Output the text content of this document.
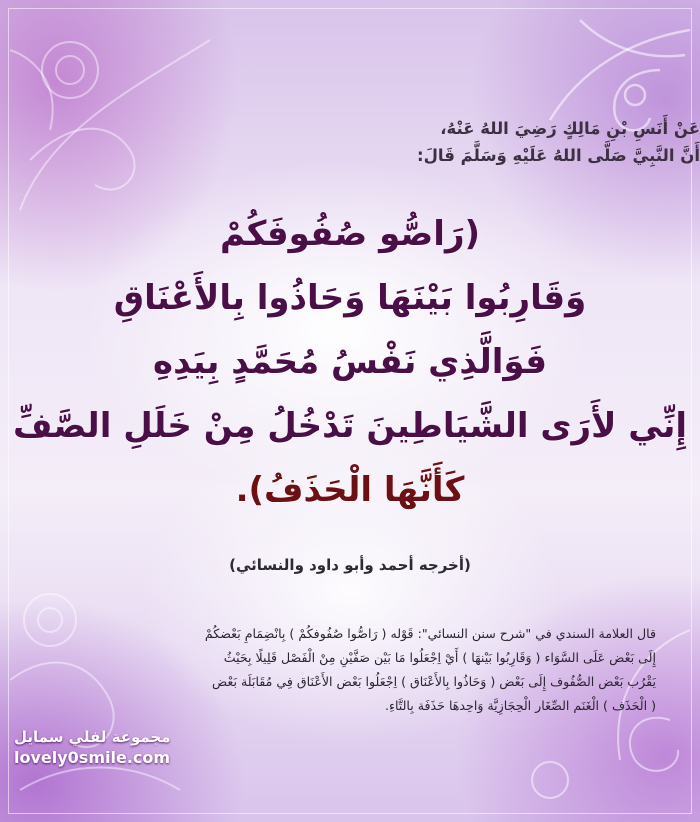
عَنْ أَنَسِ بْنِ مَالِكٍ رَضِيَ اللهُ عَنْهُ،
أَنَّ النَّبِيَّ صَلَّى اللهُ عَلَيْهِ وَسَلَّمَ قَالَ:
(رَاصُّو صُفُوفَكُمْ
وَقَارِبُوا بَيْنَهَا وَحَاذُوا بِالأَعْنَاقِ
فَوَالَّذِي نَفْسُ مُحَمَّدٍ بِيَدِهِ
إِنِّي لأَرَى الشَّيَاطِينَ تَدْخُلُ مِنْ خَلَلِ الصَّفِّ
كَأَنَّهَا الْحَذَفُ).
(أخرجه أحمد وأبو داود والنسائي)
قال العلامة السندي في "شرح سنن النسائي": قَوْله ( رَاصُّوا صُفُوفكُمْ ) بِانْضِمَامِ بَعْضكُمْ
إِلَى بَعْض عَلَى السَّوَاء ( وَقَارِبُوا بَيْنهَا ) أَيْ اِجْعَلُوا مَا بَيْن صَفَّيْنِ مِنْ الْفَصْل قَلِيلًا بِحَيْثُ
يَقْرُب بَعْض الصُّفُوف إِلَى بَعْض ( وَحَاذُوا بِالأَعْنَاق ) اِجْعَلُوا بَعْض الأَعْنَاق فِي مُقَابَلَة بَعْض
( الْحَذَف ) الْغَنَم الصِّغَار الْحِجَازِيَّة وَاحِدهَا حَذَفَة بِالتَّاءِ.
مجموعة لفلي سمايل
lovely0smile.com
